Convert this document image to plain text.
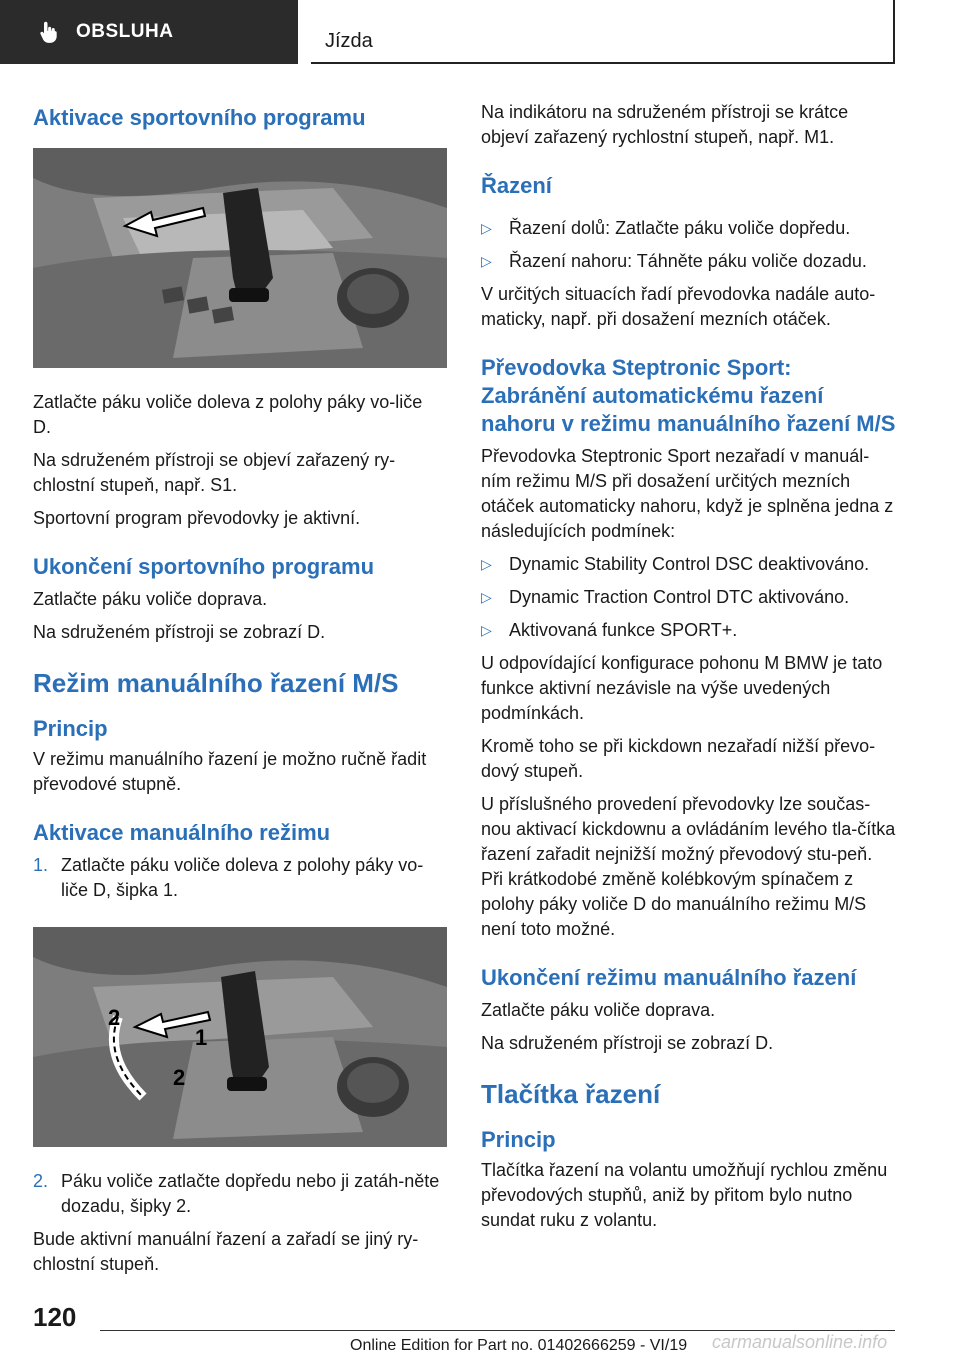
OBSLUHA	Jízda
Aktivace sportovního programu

Zatlačte páku voliče doleva z polohy páky vo-liče D.

Na sdruženém přístroji se objeví zařazený ry-chlostní stupeň, např. S1.

Sportovní program převodovky je aktivní.

Ukončení sportovního programu

Zatlačte páku voliče doprava.

Na sdruženém přístroji se zobrazí D.

Režim manuálního řazení M/S
Princip

V režimu manuálního řazení je možno ručně řadit převodové stupně.

Aktivace manuálního režimu
1. Zatlačte páku voliče doleva z polohy páky vo-liče D, šipka 1.
1
2
2
2. Páku voliče zatlačte dopředu nebo ji zatáh-něte dozadu, šipky 2.

Bude aktivní manuální řazení a zařadí se jiný ry-chlostní stupeň.

Na indikátoru na sdruženém přístroji se krátce objeví zařazený rychlostní stupeň, např. M1.

Řazení
▷ Řazení dolů: Zatlačte páku voliče dopředu.
▷ Řazení nahoru: Táhněte páku voliče dozadu.

V určitých situacích řadí převodovka nadále auto-maticky, např. při dosažení mezních otáček.

Převodovka Steptronic Sport: Zabránění automatickému řazení nahoru v režimu manuálního řazení M/S

Převodovka Steptronic Sport nezařadí v manuál-ním režimu M/S při dosažení určitých mezních otáček automaticky nahoru, když je splněna jedna z následujících podmínek:

▷ Dynamic Stability Control DSC deaktivováno.
▷ Dynamic Traction Control DTC aktivováno.
▷ Aktivovaná funkce SPORT+.

U odpovídající konfigurace pohonu M BMW je tato funkce aktivní nezávisle na výše uvedených podmínkách.

Kromě toho se při kickdown nezařadí nižší převo-dový stupeň.

U příslušného provedení převodovky lze součas-nou aktivací kickdownu a ovládáním levého tla-čítka řazení zařadit nejnižší možný převodový stu-peň. Při krátkodobé změně kolébkovým spínačem z polohy páky voliče D do manuálního režimu M/S není toto možné.

Ukončení režimu manuálního řazení

Zatlačte páku voliče doprava.

Na sdruženém přístroji se zobrazí D.

Tlačítka řazení
Princip

Tlačítka řazení na volantu umožňují rychlou změnu převodových stupňů, aniž by přitom bylo nutno sundat ruku z volantu.

120
Online Edition for Part no. 01402666259 - VI/19 carmanualsonline.info
